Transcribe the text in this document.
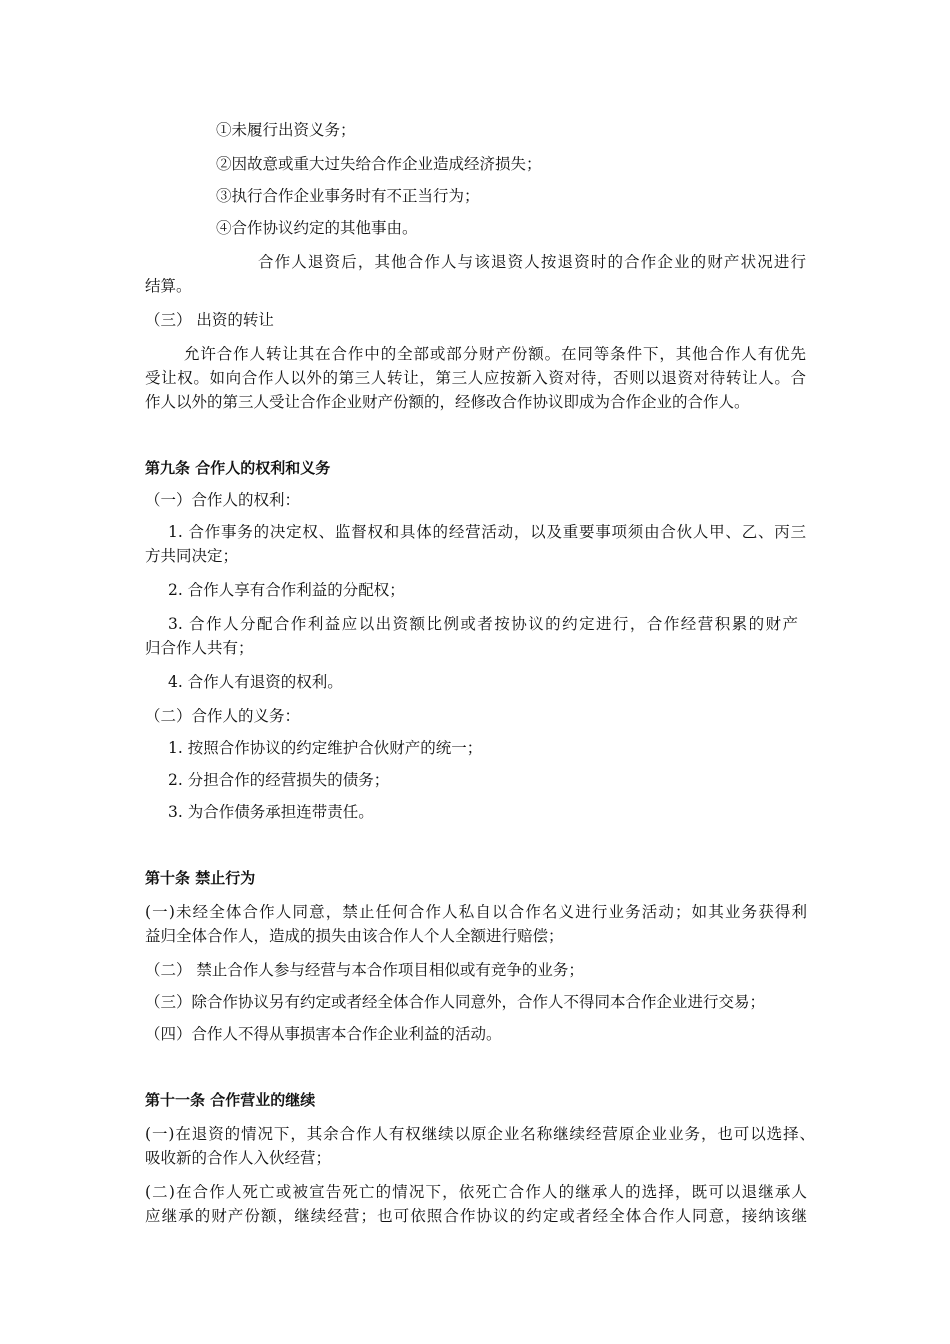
①未履行出资义务；
②因故意或重大过失给合作企业造成经济损失；
③执行合作企业事务时有不正当行为；
④合作协议约定的其他事由。
合作人退资后，其他合作人与该退资人按退资时的合作企业的财产状况进行
结算。
（三） 出资的转让
允许合作人转让其在合作中的全部或部分财产份额。在同等条件下，其他合作人有优先
受让权。如向合作人以外的第三人转让，第三人应按新入资对待，否则以退资对待转让人。合
作人以外的第三人受让合作企业财产份额的，经修改合作协议即成为合作企业的合作人。
第九条 合作人的权利和义务
（一）合作人的权利：
1. 合作事务的决定权、监督权和具体的经营活动，以及重要事项须由合伙人甲、乙、丙三
方共同决定；
2. 合作人享有合作利益的分配权；
3. 合作人分配合作利益应以出资额比例或者按协议的约定进行，合作经营积累的财产
归合作人共有；
4. 合作人有退资的权利。
（二）合作人的义务：
1. 按照合作协议的约定维护合伙财产的统一；
2. 分担合作的经营损失的债务；
3. 为合作债务承担连带责任。
第十条 禁止行为
(一)未经全体合作人同意，禁止任何合作人私自以合作名义进行业务活动；如其业务获得利
益归全体合作人，造成的损失由该合作人个人全额进行赔偿；
（二） 禁止合作人参与经营与本合作项目相似或有竞争的业务；
（三）除合作协议另有约定或者经全体合作人同意外，合作人不得同本合作企业进行交易；
（四）合作人不得从事损害本合作企业利益的活动。
第十一条 合作营业的继续
(一)在退资的情况下，其余合作人有权继续以原企业名称继续经营原企业业务，也可以选择、
吸收新的合作人入伙经营；
(二)在合作人死亡或被宣告死亡的情况下，依死亡合作人的继承人的选择，既可以退继承人
应继承的财产份额，继续经营；也可依照合作协议的约定或者经全体合作人同意，接纳该继
